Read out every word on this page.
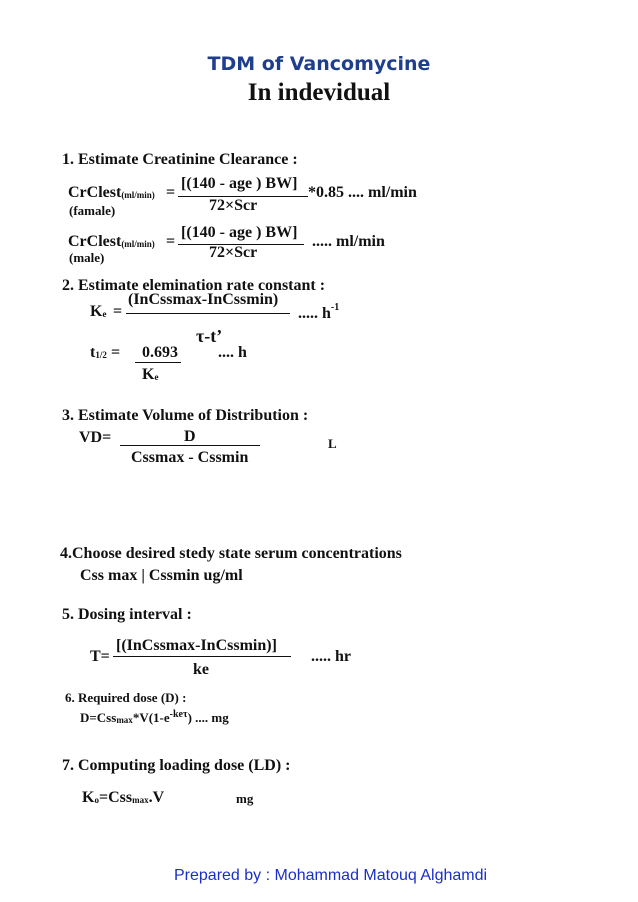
TDM of Vancomycine
In indevidual
1. Estimate Creatinine Clearance :
CrClest(ml/min) =
[(140 - age ) BW]
*0.85 .... ml/min
72×Scr
(famale)
CrClest(ml/min) =
[(140 - age ) BW]
..... ml/min
72×Scr
(male)
2. Estimate elemination rate constant :
Ke =
(InCssmax-InCssmin)
..... $h^{-1}$
τ-t’
t1/2 = 0.693	.... h
Ke
3. Estimate Volume of Distribution :
VD=	D
Cssmax - Cssmin
L
4.Choose desired stedy state serum concentrations
Css max | Cssmin ug/ml
5. Dosing interval :
T=
[(InCssmax-InCssmin)]
ke
..... hr
6. Required dose (D) :
$D=Cssmax*V(1-e^{-ke\tau})$ .... mg
7. Computing loading dose (LD) :
Ko=Cssmax.V	mg
Prepared by : Mohammad Matouq Alghamdi
